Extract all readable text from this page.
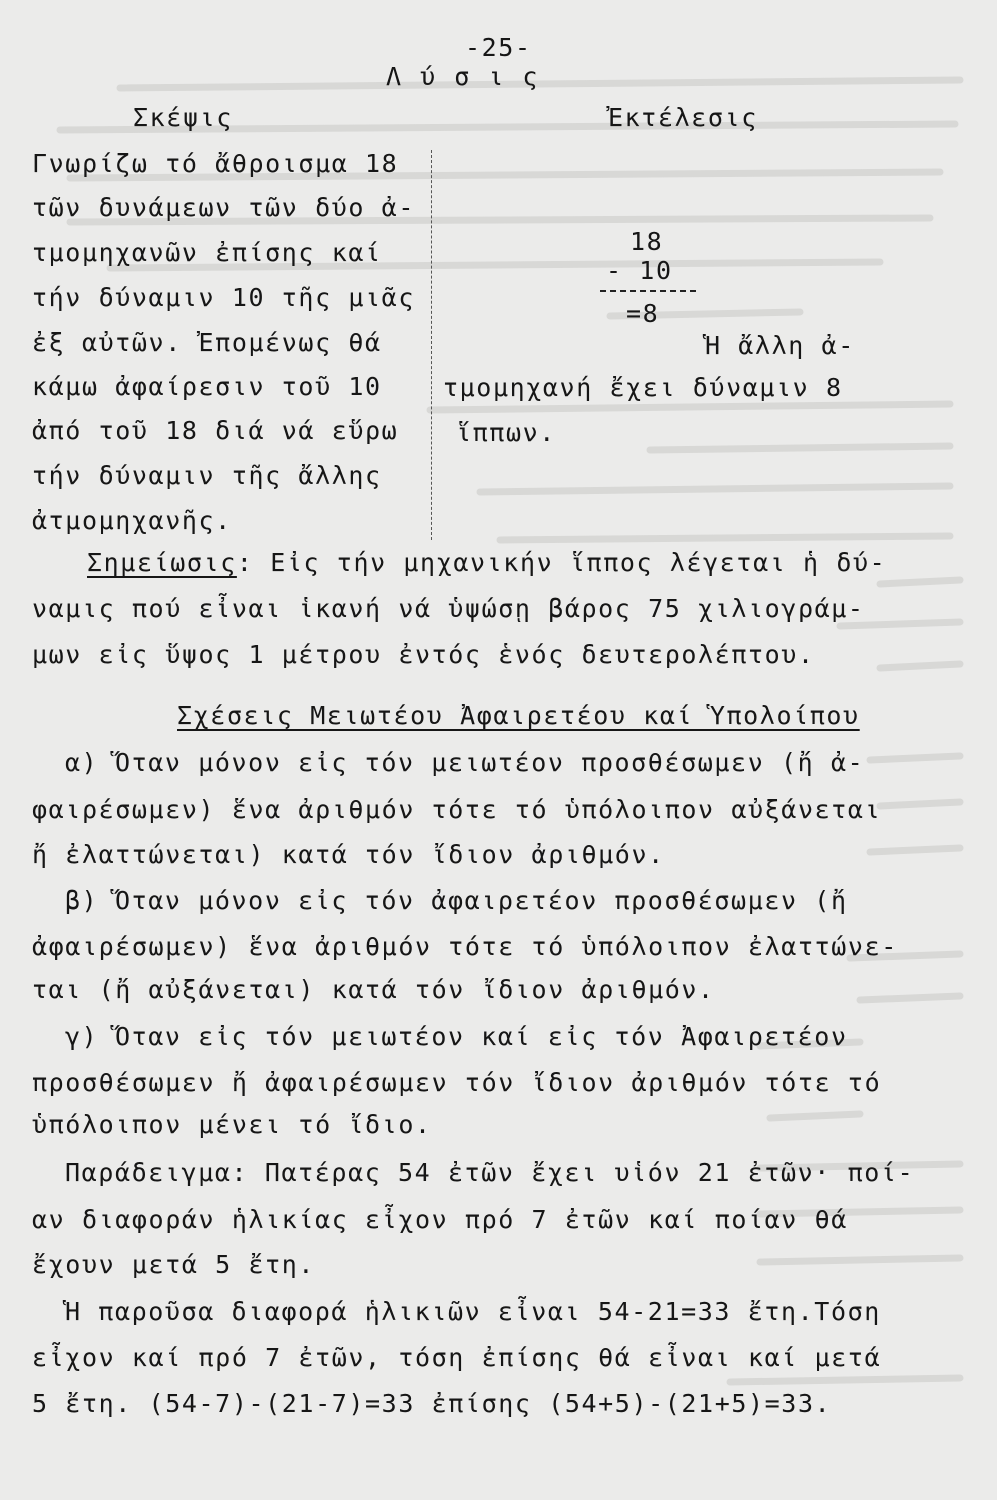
-25-
Λ ύ σ ι ς
Σκέψις	Ἐκτέλεσις
Γνωρίζω τό ἄθροισμα 18
τῶν δυνάμεων τῶν δύο ἀ-
τμομηχανῶν ἐπίσης καί
τήν δύναμιν 10 τῆς μιᾶς
ἐξ αὐτῶν. Ἐπομένως θά
κάμω ἀφαίρεσιν τοῦ 10
ἀπό τοῦ 18 διά νά εὕρω
τήν δύναμιν τῆς ἄλλης
ἀτμομηχανῆς.
18
- 10
=8
Ἡ ἄλλη ἀ-
τμομηχανή ἔχει δύναμιν 8
ἵππων.
Σημείωσις: Εἰς τήν μηχανικήν ἵππος λέγεται ἡ δύ-
ναμις πού εἶναι ἱκανή νά ὑψώσῃ βάρος 75 χιλιογράμ-
μων εἰς ὕψος 1 μέτρου ἐντός ἑνός δευτερολέπτου.
Σχέσεις Μειωτέου Ἀφαιρετέου καί Ὑπολοίπου
α) Ὅταν μόνον εἰς τόν μειωτέον προσθέσωμεν (ἤ ἀ-
φαιρέσωμεν) ἕνα ἀριθμόν τότε τό ὑπόλοιπον αὐξάνεται
ἤ ἐλαττώνεται) κατά τόν ἴδιον ἀριθμόν.
β) Ὅταν μόνον εἰς τόν ἀφαιρετέον προσθέσωμεν (ἤ
ἀφαιρέσωμεν) ἕνα ἀριθμόν τότε τό ὑπόλοιπον ἐλαττώνε-
ται (ἤ αὐξάνεται) κατά τόν ἴδιον ἀριθμόν.
γ) Ὅταν εἰς τόν μειωτέον καί εἰς τόν Ἀφαιρετέον
προσθέσωμεν ἤ ἀφαιρέσωμεν τόν ἴδιον ἀριθμόν τότε τό
ὑπόλοιπον μένει τό ἴδιο.
Παράδειγμα: Πατέρας 54 ἐτῶν ἔχει υἱόν 21 ἐτῶν· ποί-
αν διαφοράν ἡλικίας εἶχον πρό 7 ἐτῶν καί ποίαν θά
ἔχουν μετά 5 ἔτη.
Ἡ παροῦσα διαφορά ἡλικιῶν εἶναι 54-21=33 ἔτη.Τόση
εἶχον καί πρό 7 ἐτῶν, τόση ἐπίσης θά εἶναι καί μετά
5 ἔτη. (54-7)-(21-7)=33 ἐπίσης (54+5)-(21+5)=33.
